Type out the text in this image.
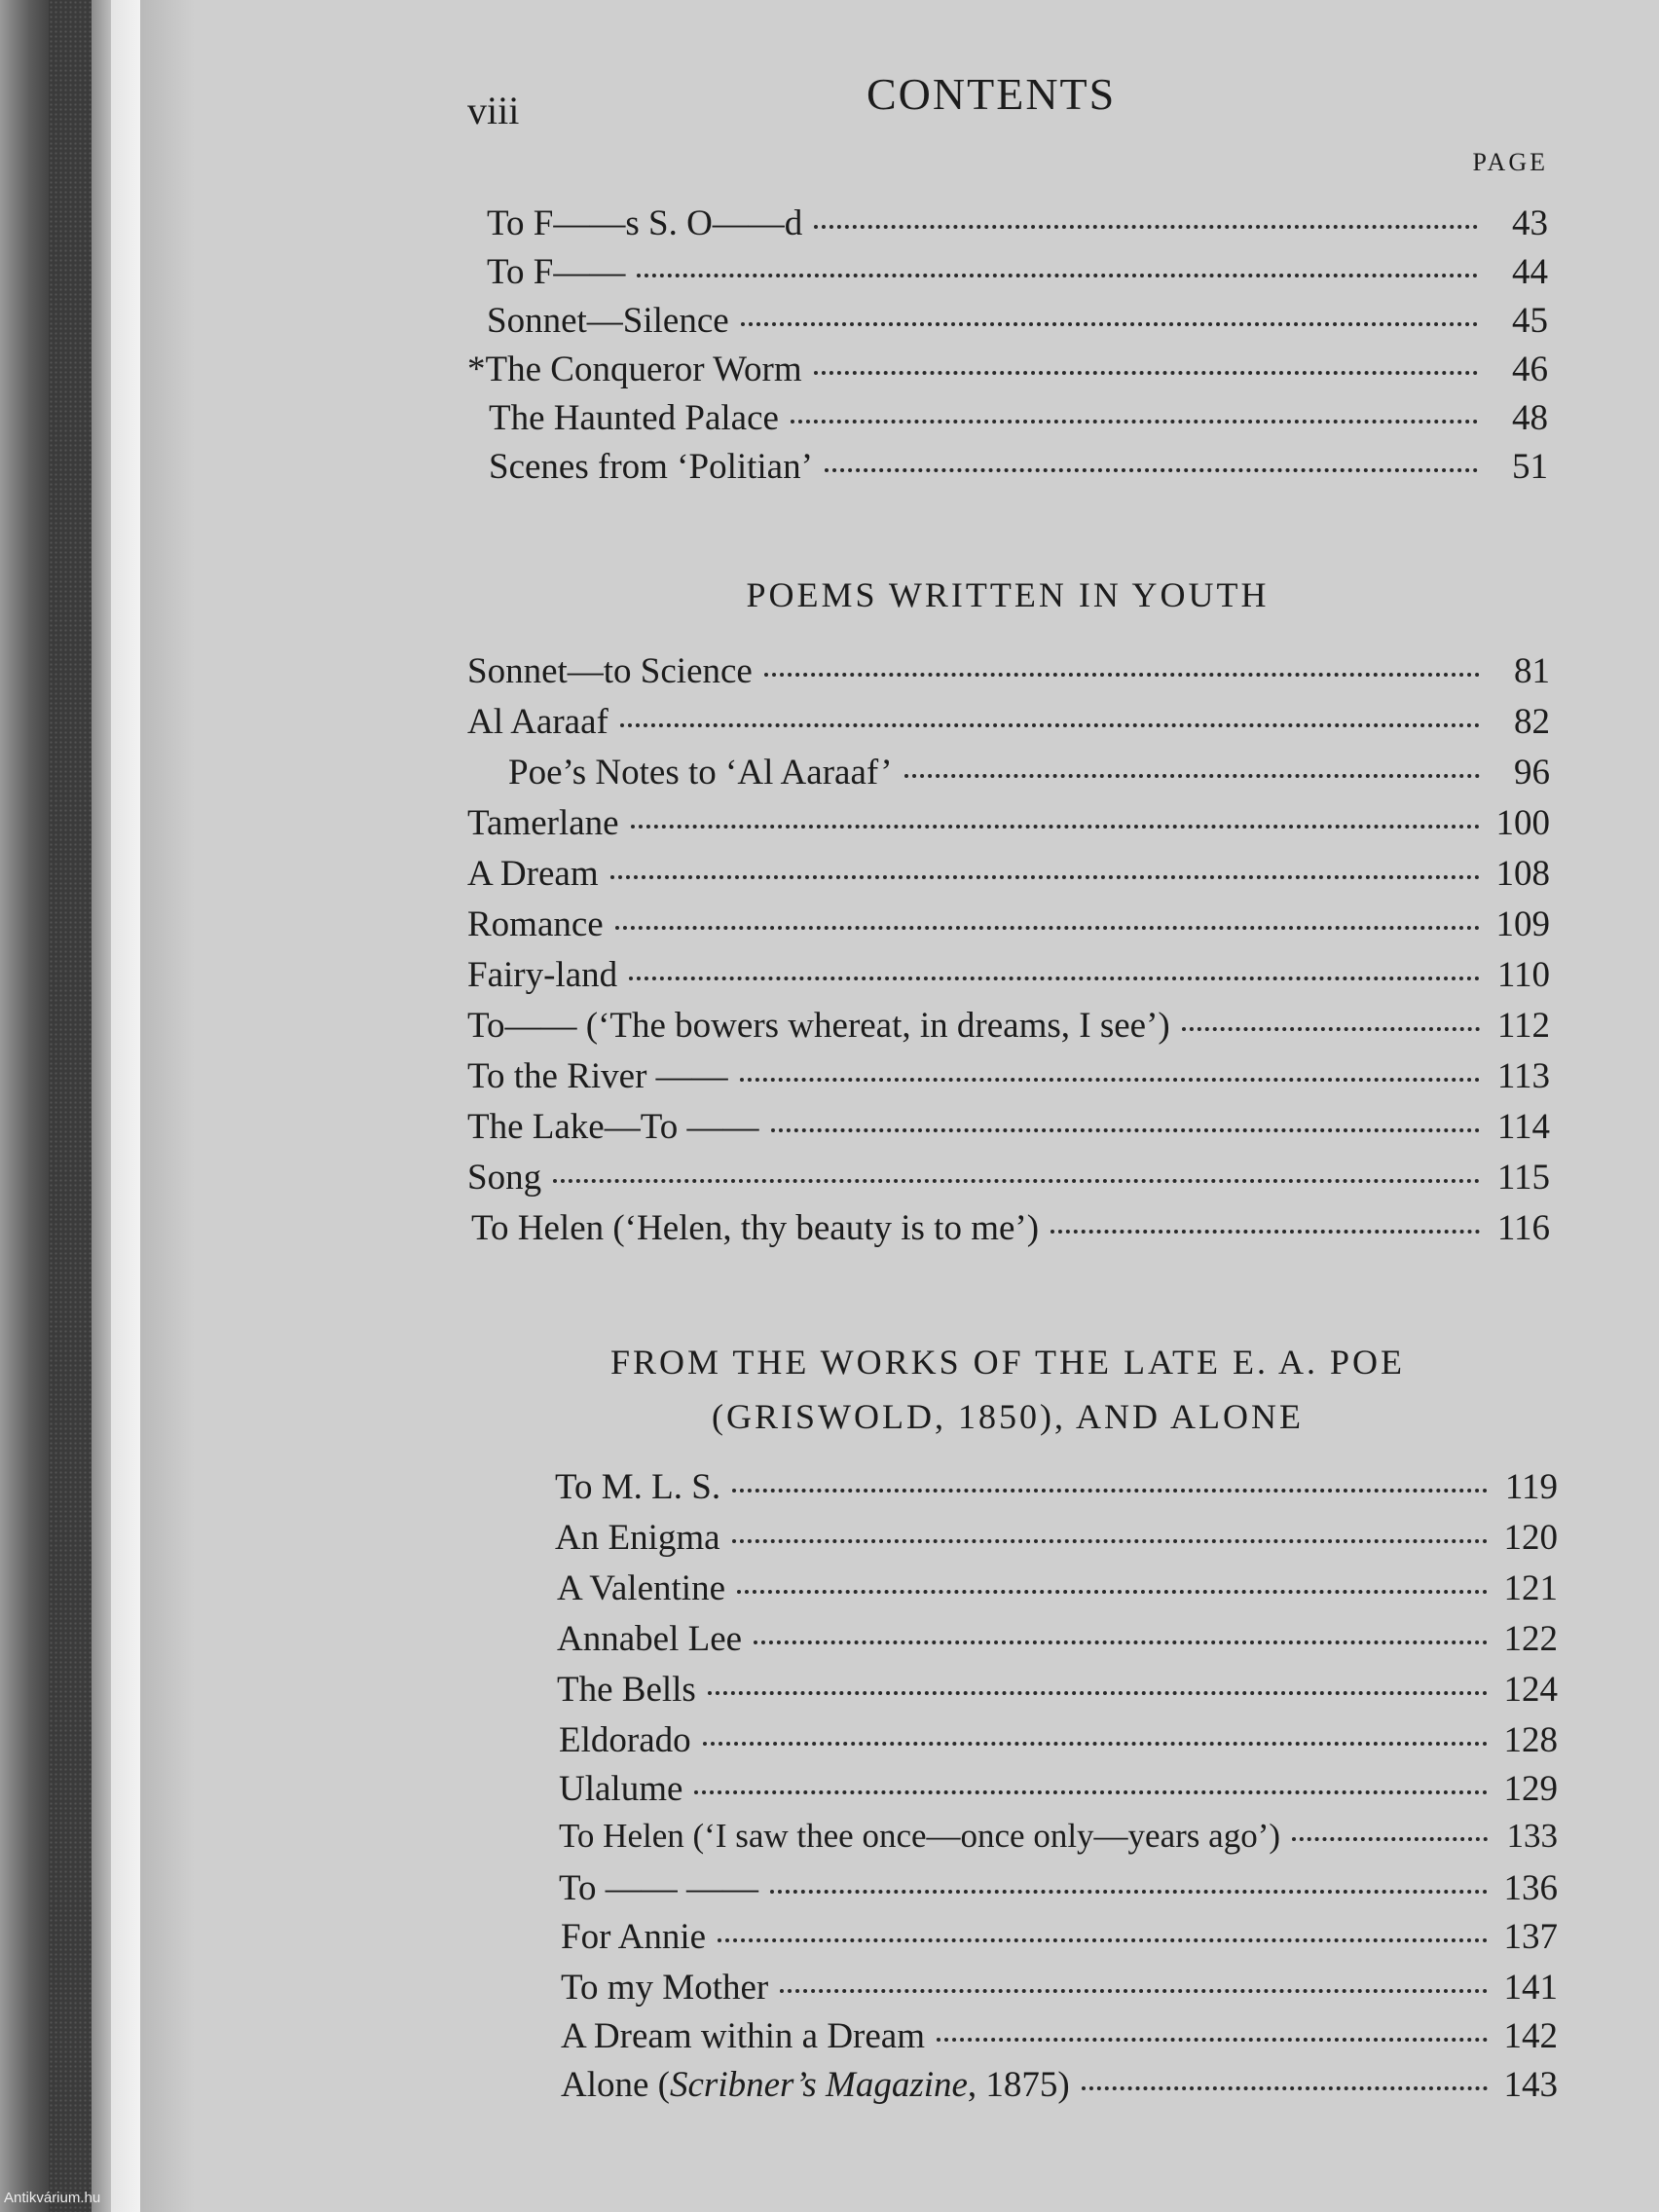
viii	CONTENTS
PAGE
To F——s S. O——d	43
To F——	44
Sonnet—Silence	45
*The Conqueror Worm	46
The Haunted Palace	48
Scenes from ‘Politian’	51
POEMS WRITTEN IN YOUTH
Sonnet—to Science	81
Al Aaraaf	82
Poe’s Notes to ‘Al Aaraaf’	96
Tamerlane	100
A Dream	108
Romance	109
Fairy-land	110
To—— (‘The bowers whereat, in dreams, I see’)	112
To the River ——	113
The Lake—To ——	114
Song	115
To Helen (‘Helen, thy beauty is to me’)	116
FROM THE WORKS OF THE LATE E. A. POE
(GRISWOLD, 1850), AND ALONE
To M. L. S.	119
An Enigma	120
A Valentine	121
Annabel Lee	122
The Bells	124
Eldorado	128
Ulalume	129
To Helen (‘I saw thee once—once only—years ago’)	133
To —— ——	136
For Annie	137
To my Mother	141
A Dream within a Dream	142
Alone (Scribner’s Magazine, 1875)	143
Antikvárium.hu
